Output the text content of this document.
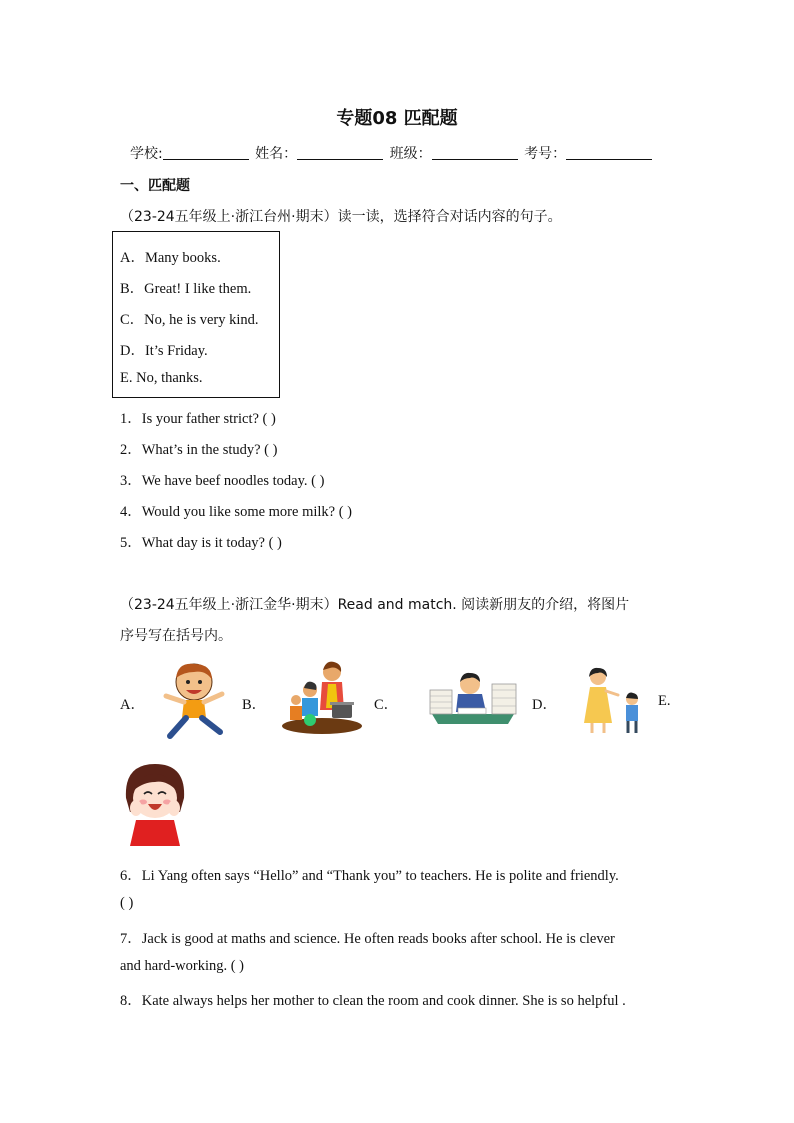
专题08 匹配题
学校:	姓名：	班级：	考号：
一、匹配题
（23-24五年级上·浙江台州·期末）读一读，选择符合对话内容的句子。
A．Many books.
B．Great! I like them.
C．No, he is very kind.
D．It’s Friday.
E. No, thanks.
1．Is your father strict? ( )
2．What’s in the study? ( )
3．We have beef noodles today. ( )
4．Would you like some more milk? ( )
5．What day is it today? ( )
（23-24五年级上·浙江金华·期末）Read and match. 阅读新朋友的介绍，将图片
序号写在括号内。
A．	B．	C．	D．	E.
6．Li Yang often says “Hello” and “Thank you” to teachers. He is polite and friendly.
( )
7．Jack is good at maths and science. He often reads books after school. He is clever
and hard-working. ( )
8．Kate always helps her mother to clean the room and cook dinner. She is so helpful .
